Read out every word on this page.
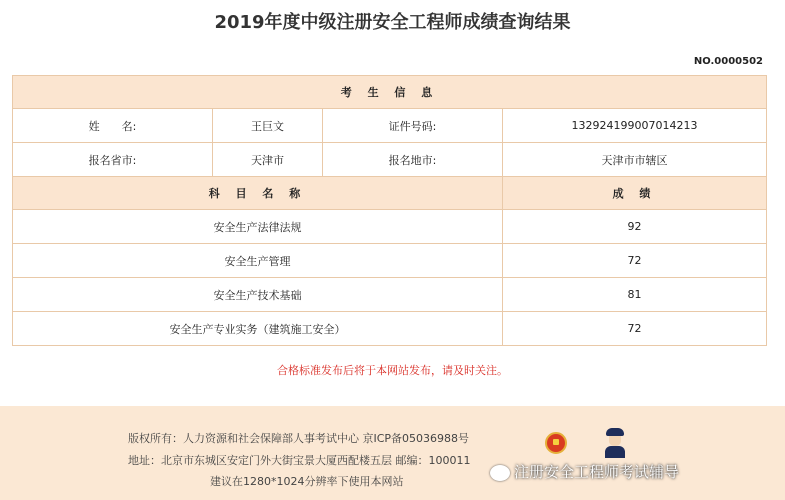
2019年度中级注册安全工程师成绩查询结果
NO.0000502
考 生 信 息			
姓　　名:	王巨文	证件号码:	132924199007014213
报名省市:	天津市	报名地市:	天津市市辖区
科 目 名 称			成 绩
安全生产法律法规			92
安全生产管理			72
安全生产技术基础			81
安全生产专业实务（建筑施工安全）			72
合格标准发布后将于本网站发布，请及时关注。
版权所有：人力资源和社会保障部人事考试中心 京ICP备05036988号
地址：北京市东城区安定门外大街宝景大厦西配楼五层 邮编：100011
建议在1280*1024分辨率下使用本网站
注册安全工程师考试辅导
